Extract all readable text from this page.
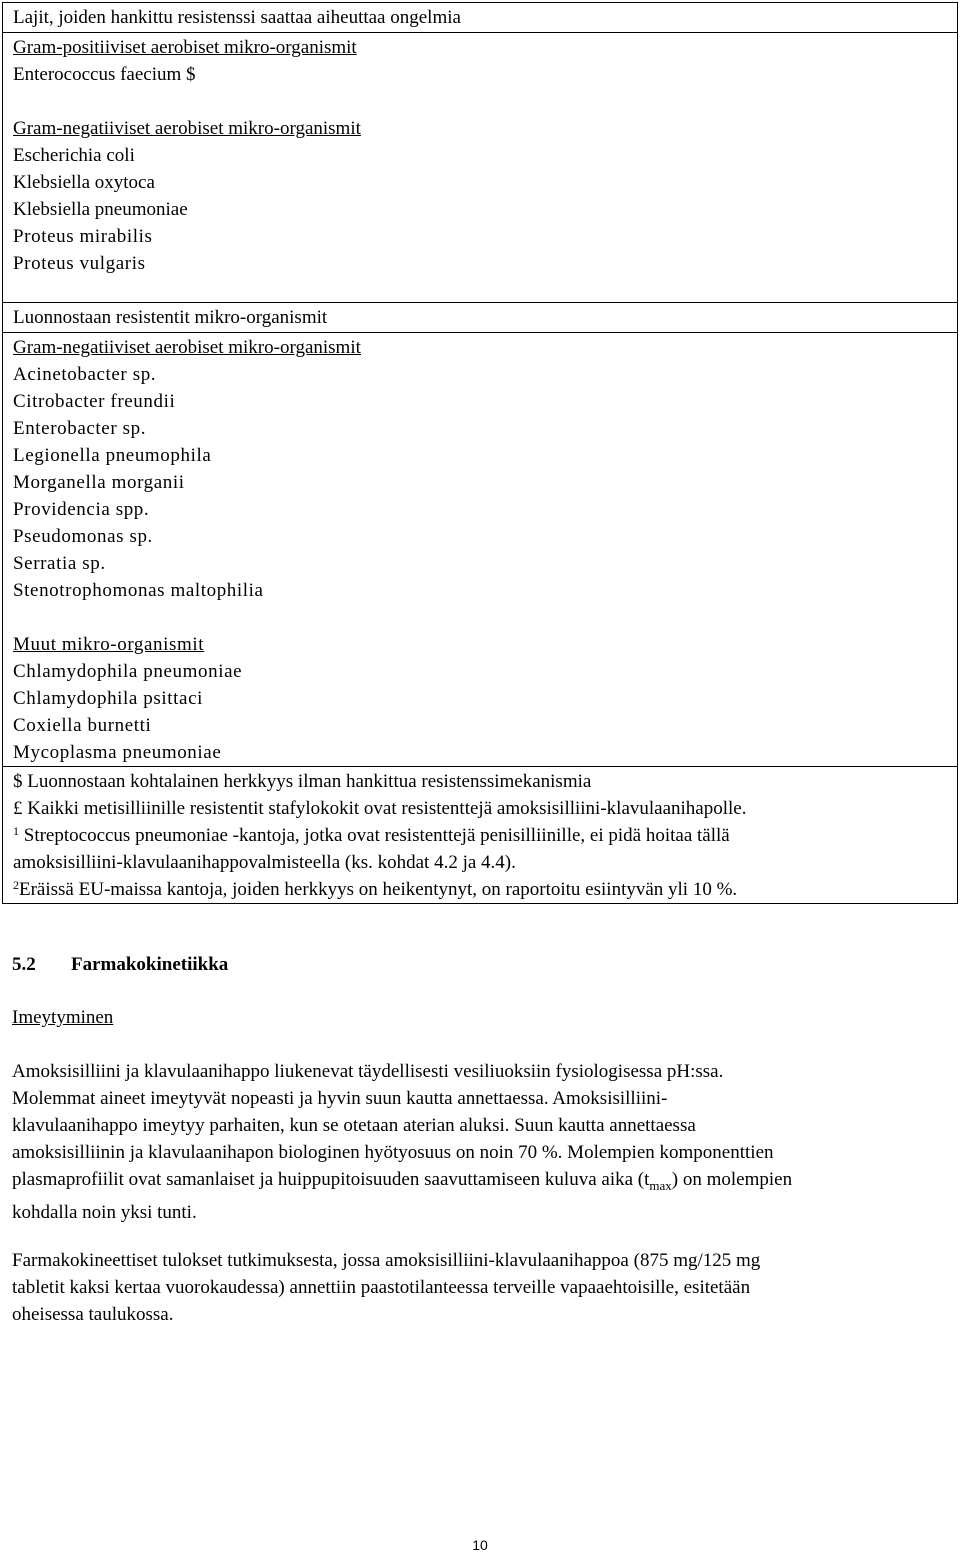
Lajit, joiden hankittu resistenssi saattaa aiheuttaa ongelmia

Gram-positiiviset aerobiset mikro-organismit
Enterococcus faecium $
Gram-negatiiviset aerobiset mikro-organismit
Escherichia coli
Klebsiella oxytoca
Klebsiella pneumoniae
Proteus mirabilis
Proteus vulgaris

Luonnostaan resistentit mikro-organismit

Gram-negatiiviset aerobiset mikro-organismit
Acinetobacter sp.
Citrobacter freundii
Enterobacter sp.
Legionella pneumophila
Morganella morganii
Providencia spp.
Pseudomonas sp.
Serratia sp.
Stenotrophomonas maltophilia
Muut mikro-organismit
Chlamydophila pneumoniae
Chlamydophila psittaci
Coxiella burnetti
Mycoplasma pneumoniae

$ Luonnostaan kohtalainen herkkyys ilman hankittua resistenssimekanismia
£ Kaikki metisilliinille resistentit stafylokokit ovat resistenttejä amoksisilliini-klavulaanihapolle.
$^1$ Streptococcus pneumoniae -kantoja, jotka ovat resistenttejä penisilliinille, ei pidä hoitaa tällä
amoksisilliini-klavulaanihappovalmisteella (ks. kohdat 4.2 ja 4.4).
$^2$Eräissä EU-maissa kantoja, joiden herkkyys on heikentynyt, on raportoitu esiintyvän yli 10 %.
5.2 Farmakokinetiikka
Imeytyminen
Amoksisilliini ja klavulaanihappo liukenevat täydellisesti vesiliuoksiin fysiologisessa pH:ssa.
Molemmat aineet imeytyvät nopeasti ja hyvin suun kautta annettaessa. Amoksisilliini-
klavulaanihappo imeytyy parhaiten, kun se otetaan aterian aluksi. Suun kautta annettaessa
amoksisilliinin ja klavulaanihapon biologinen hyötyosuus on noin 70 %. Molempien komponenttien
plasmaprofiilit ovat samanlaiset ja huippupitoisuuden saavuttamiseen kuluva aika $(t_{max})$ on molempien
kohdalla noin yksi tunti.
Farmakokineettiset tulokset tutkimuksesta, jossa amoksisilliini-klavulaanihappoa (875 mg/125 mg
tabletit kaksi kertaa vuorokaudessa) annettiin paastotilanteessa terveille vapaaehtoisille, esitetään
oheisessa taulukossa.
10
